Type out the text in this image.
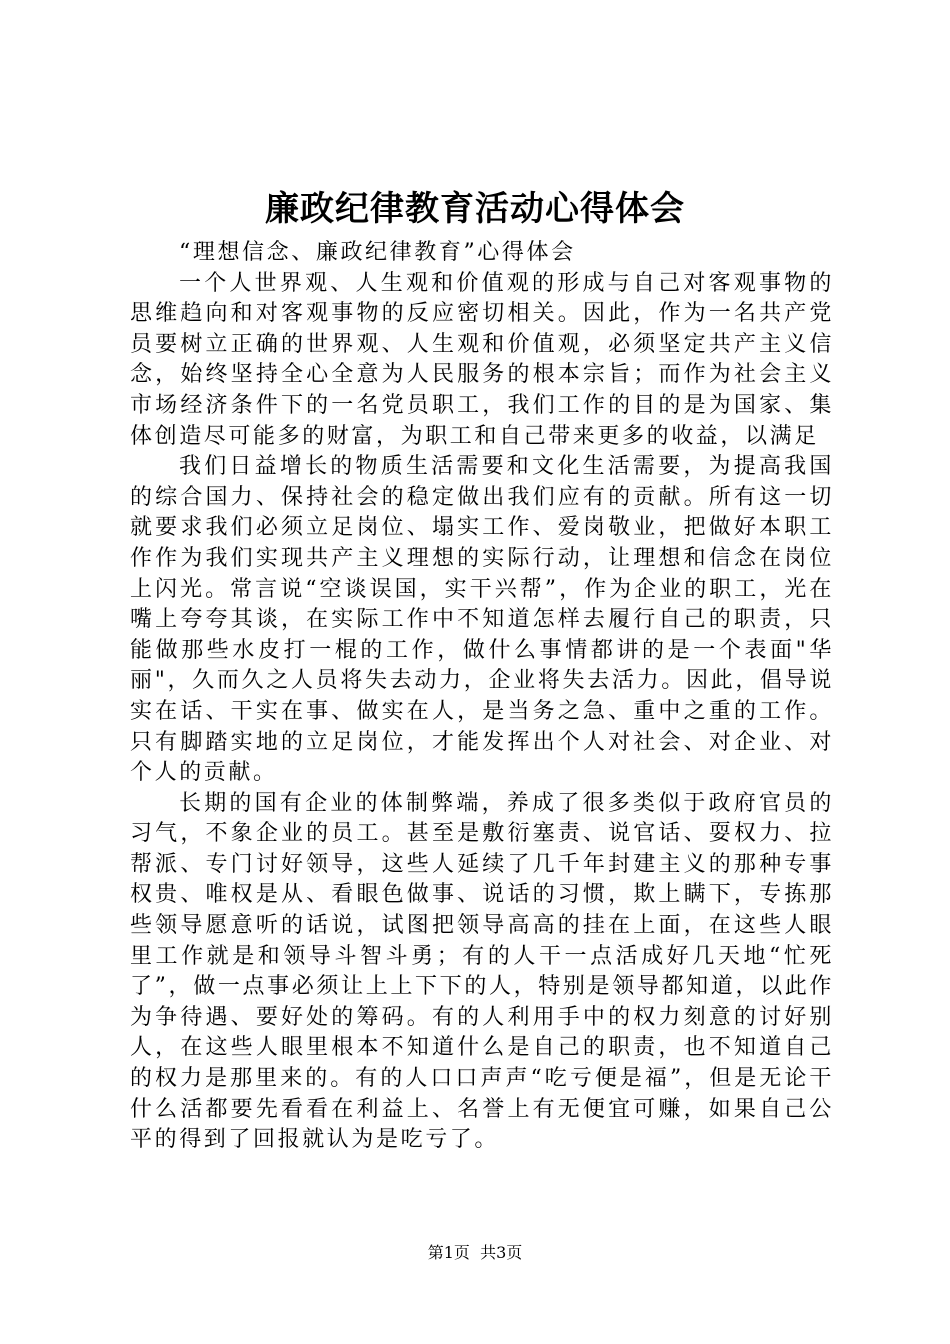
廉政纪律教育活动心得体会

“理想信念、廉政纪律教育”心得体会

一个人世界观、人生观和价值观的形成与自己对客观事物的思维趋向和对客观事物的反应密切相关。因此，作为一名共产党员要树立正确的世界观、人生观和价值观，必须坚定共产主义信念，始终坚持全心全意为人民服务的根本宗旨；而作为社会主义市场经济条件下的一名党员职工，我们工作的目的是为国家、集体创造尽可能多的财富，为职工和自己带来更多的收益，以满足

我们日益增长的物质生活需要和文化生活需要，为提高我国的综合国力、保持社会的稳定做出我们应有的贡献。所有这一切就要求我们必须立足岗位、塌实工作、爱岗敬业，把做好本职工作作为我们实现共产主义理想的实际行动，让理想和信念在岗位上闪光。常言说“空谈误国，实干兴帮”，作为企业的职工，光在嘴上夸夸其谈，在实际工作中不知道怎样去履行自己的职责，只能做那些水皮打一棍的工作，做什么事情都讲的是一个表面"华丽"，久而久之人员将失去动力，企业将失去活力。因此，倡导说实在话、干实在事、做实在人，是当务之急、重中之重的工作。只有脚踏实地的立足岗位，才能发挥出个人对社会、对企业、对个人的贡献。

长期的国有企业的体制弊端，养成了很多类似于政府官员的习气，不象企业的员工。甚至是敷衍塞责、说官话、耍权力、拉帮派、专门讨好领导，这些人延续了几千年封建主义的那种专事权贵、唯权是从、看眼色做事、说话的习惯，欺上瞒下，专拣那些领导愿意听的话说，试图把领导高高的挂在上面，在这些人眼里工作就是和领导斗智斗勇；有的人干一点活成好几天地“忙死了”，做一点事必须让上上下下的人，特别是领导都知道，以此作为争待遇、要好处的筹码。有的人利用手中的权力刻意的讨好别人，在这些人眼里根本不知道什么是自己的职责，也不知道自己的权力是那里来的。有的人口口声声“吃亏便是福”，但是无论干什么活都要先看看在利益上、名誉上有无便宜可赚，如果自己公平的得到了回报就认为是吃亏了。

第1页 共3页
